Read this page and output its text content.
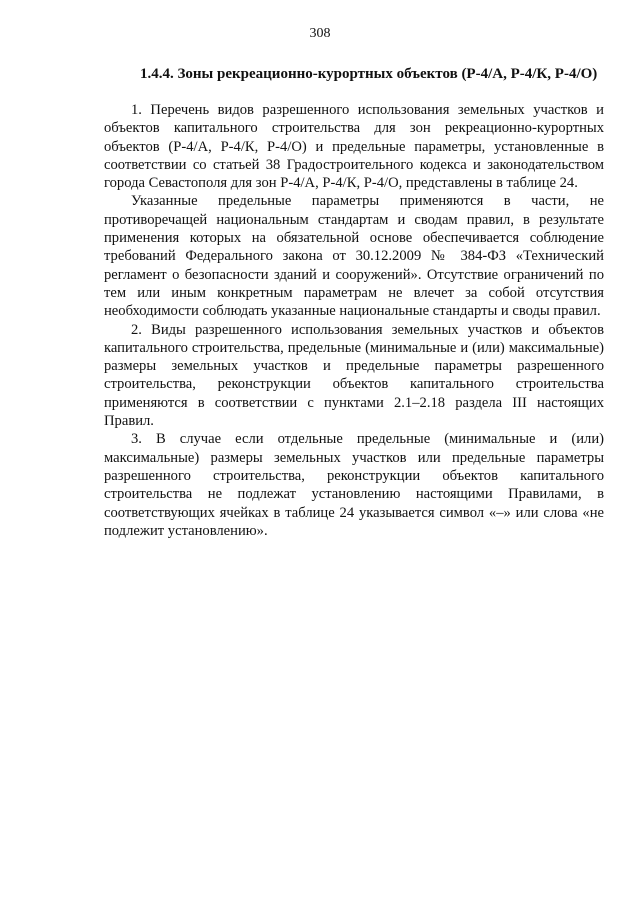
308
1.4.4. Зоны рекреационно-курортных объектов (Р-4/А, Р-4/К, Р-4/О)

1. Перечень видов разрешенного использования земельных участков и объектов капитального строительства для зон рекреационно-курортных объектов (Р-4/А, Р-4/К, Р-4/О) и предельные параметры, установленные в соответствии со статьей 38 Градостроительного кодекса и законодательством города Севастополя для зон Р-4/А, Р-4/К, Р-4/О, представлены в таблице 24.

Указанные предельные параметры применяются в части, не противоречащей национальным стандартам и сводам правил, в результате применения которых на обязательной основе обеспечивается соблюдение требований Федерального закона от 30.12.2009 № 384-ФЗ «Технический регламент о безопасности зданий и сооружений». Отсутствие ограничений по тем или иным конкретным параметрам не влечет за собой отсутствия необходимости соблюдать указанные национальные стандарты и своды правил.

2. Виды разрешенного использования земельных участков и объектов капитального строительства, предельные (минимальные и (или) максимальные) размеры земельных участков и предельные параметры разрешенного строительства, реконструкции объектов капитального строительства применяются в соответствии с пунктами 2.1–2.18 раздела III настоящих Правил.

3. В случае если отдельные предельные (минимальные и (или) максимальные) размеры земельных участков или предельные параметры разрешенного строительства, реконструкции объектов капитального строительства не подлежат установлению настоящими Правилами, в соответствующих ячейках в таблице 24 указывается символ «–» или слова «не подлежит установлению».
